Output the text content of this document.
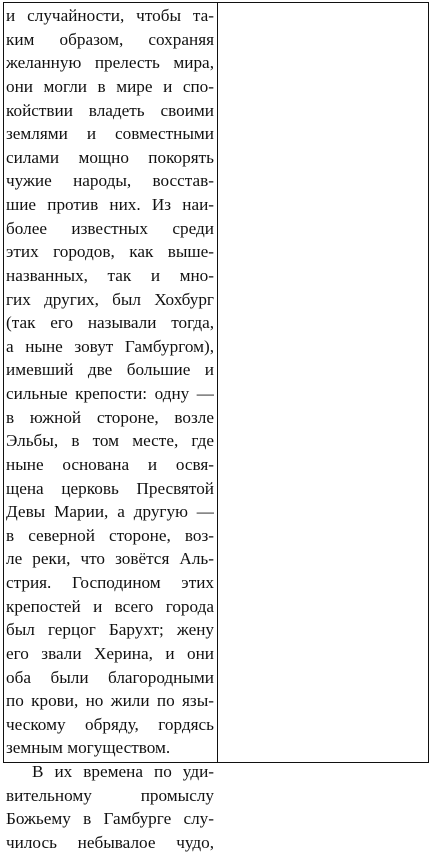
и случайности, чтобы та-
ким образом, сохраняя
желанную прелесть мира,
они могли в мире и спо-
койствии владеть своими
землями и совместными
силами мощно покорять
чужие народы, восстав-
шие против них. Из наи-
более известных среди
этих городов, как выше-
названных, так и мно-
гих других, был Хохбург
(так его называли тогда,
а ныне зовут Гамбургом),
имевший две большие и
сильные крепости: одну —
в южной стороне, возле
Эльбы, в том месте, где
ныне основана и освя-
щена церковь Пресвятой
Девы Марии, а другую —
в северной стороне, воз-
ле реки, что зовётся Аль-
стрия. Господином этих
крепостей и всего города
был герцог Барухт; жену
его звали Херина, и они
оба были благородными
по крови, но жили по язы-
ческому обряду, гордясь
земным могуществом.
В их времена по уди-
вительному промыслу
Божьему в Гамбурге слу-
чилось небывалое чудо,
